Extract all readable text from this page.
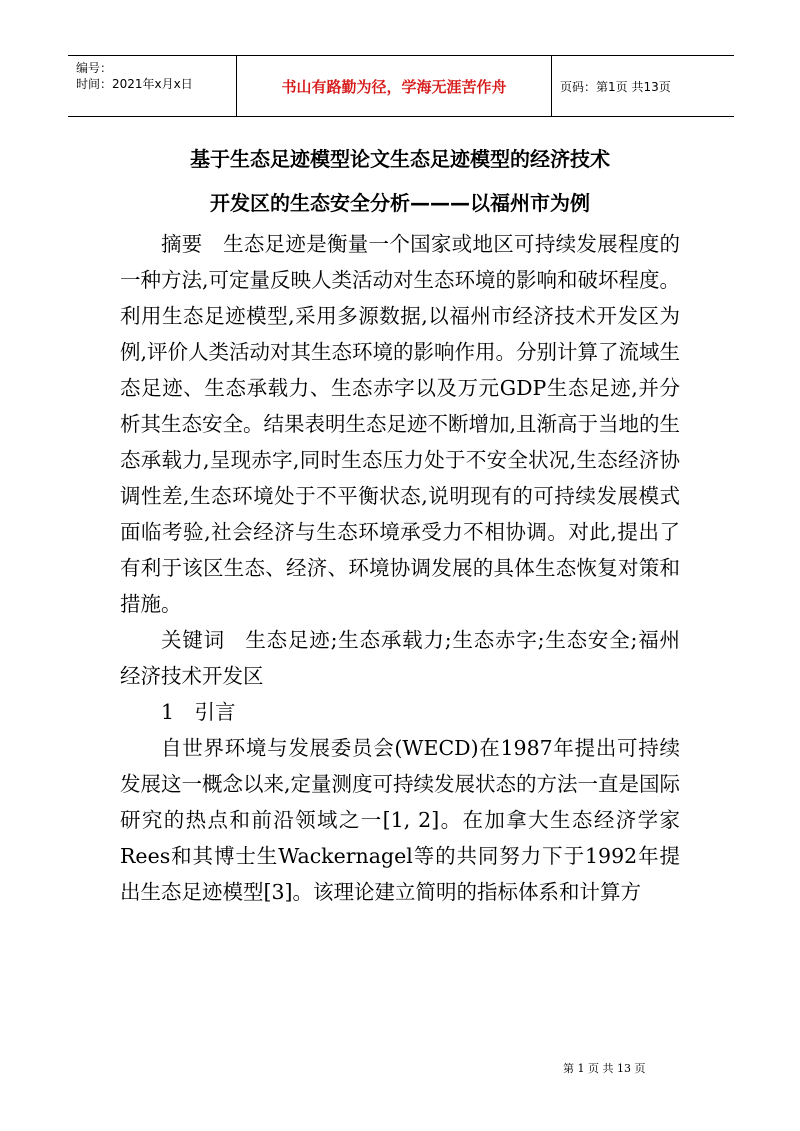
编号：
时间：2021年x月x日	书山有路勤为径，学海无涯苦作舟	页码：第1页 共13页
基于生态足迹模型论文生态足迹模型的经济技术
开发区的生态安全分析———以福州市为例

摘要 生态足迹是衡量一个国家或地区可持续发展程度的一种方法,可定量反映人类活动对生态环境的影响和破坏程度。利用生态足迹模型,采用多源数据,以福州市经济技术开发区为例,评价人类活动对其生态环境的影响作用。分别计算了流域生态足迹、生态承载力、生态赤字以及万元GDP生态足迹,并分析其生态安全。结果表明生态足迹不断增加,且渐高于当地的生态承载力,呈现赤字,同时生态压力处于不安全状况,生态经济协调性差,生态环境处于不平衡状态,说明现有的可持续发展模式面临考验,社会经济与生态环境承受力不相协调。对此,提出了有利于该区生态、经济、环境协调发展的具体生态恢复对策和措施。

关键词 生态足迹;生态承载力;生态赤字;生态安全;福州经济技术开发区

1 引言

自世界环境与发展委员会(WECD)在1987年提出可持续发展这一概念以来,定量测度可持续发展状态的方法一直是国际研究的热点和前沿领域之一[1, 2]。在加拿大生态经济学家Rees和其博士生Wackernagel等的共同努力下于1992年提出生态足迹模型[3]。该理论建立简明的指标体系和计算方

第 1 页 共 13 页
